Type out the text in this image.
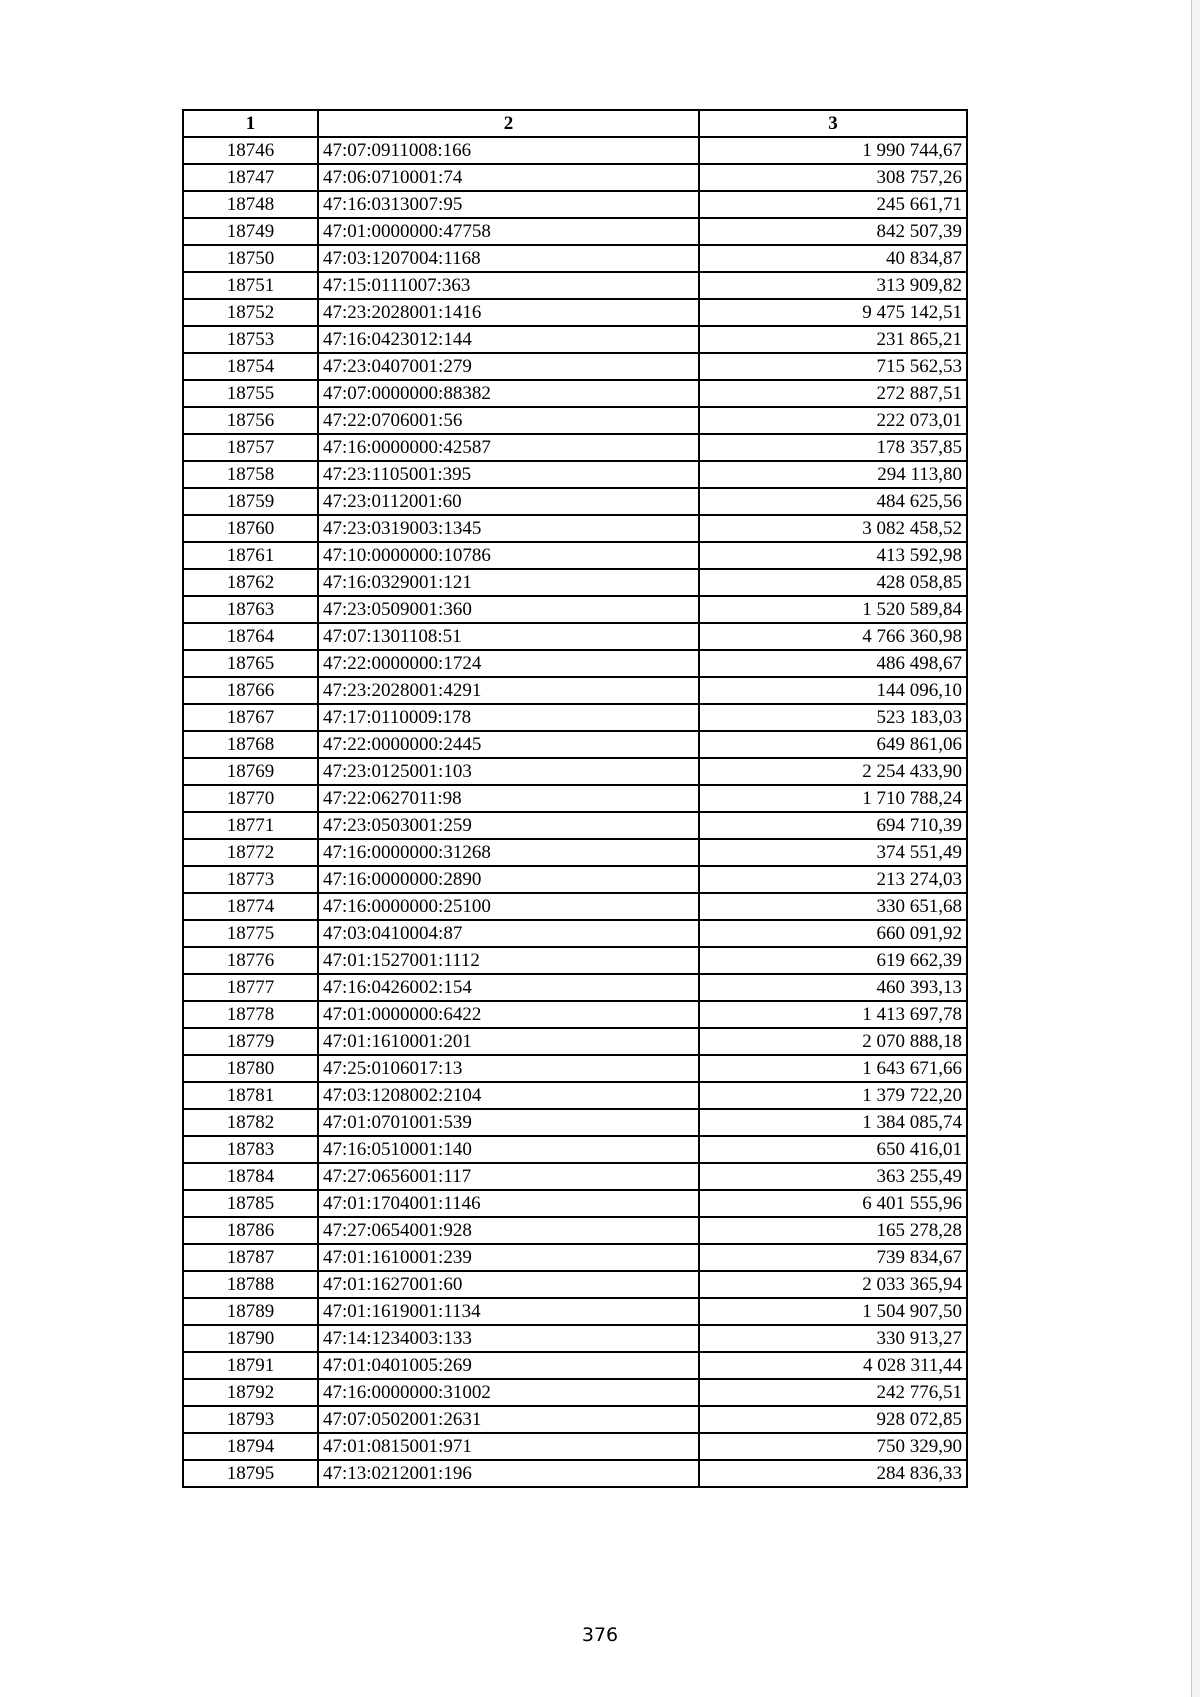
1	2	3
18746	47:07:0911008:166	1 990 744,67
18747	47:06:0710001:74	308 757,26
18748	47:16:0313007:95	245 661,71
18749	47:01:0000000:47758	842 507,39
18750	47:03:1207004:1168	40 834,87
18751	47:15:0111007:363	313 909,82
18752	47:23:2028001:1416	9 475 142,51
18753	47:16:0423012:144	231 865,21
18754	47:23:0407001:279	715 562,53
18755	47:07:0000000:88382	272 887,51
18756	47:22:0706001:56	222 073,01
18757	47:16:0000000:42587	178 357,85
18758	47:23:1105001:395	294 113,80
18759	47:23:0112001:60	484 625,56
18760	47:23:0319003:1345	3 082 458,52
18761	47:10:0000000:10786	413 592,98
18762	47:16:0329001:121	428 058,85
18763	47:23:0509001:360	1 520 589,84
18764	47:07:1301108:51	4 766 360,98
18765	47:22:0000000:1724	486 498,67
18766	47:23:2028001:4291	144 096,10
18767	47:17:0110009:178	523 183,03
18768	47:22:0000000:2445	649 861,06
18769	47:23:0125001:103	2 254 433,90
18770	47:22:0627011:98	1 710 788,24
18771	47:23:0503001:259	694 710,39
18772	47:16:0000000:31268	374 551,49
18773	47:16:0000000:2890	213 274,03
18774	47:16:0000000:25100	330 651,68
18775	47:03:0410004:87	660 091,92
18776	47:01:1527001:1112	619 662,39
18777	47:16:0426002:154	460 393,13
18778	47:01:0000000:6422	1 413 697,78
18779	47:01:1610001:201	2 070 888,18
18780	47:25:0106017:13	1 643 671,66
18781	47:03:1208002:2104	1 379 722,20
18782	47:01:0701001:539	1 384 085,74
18783	47:16:0510001:140	650 416,01
18784	47:27:0656001:117	363 255,49
18785	47:01:1704001:1146	6 401 555,96
18786	47:27:0654001:928	165 278,28
18787	47:01:1610001:239	739 834,67
18788	47:01:1627001:60	2 033 365,94
18789	47:01:1619001:1134	1 504 907,50
18790	47:14:1234003:133	330 913,27
18791	47:01:0401005:269	4 028 311,44
18792	47:16:0000000:31002	242 776,51
18793	47:07:0502001:2631	928 072,85
18794	47:01:0815001:971	750 329,90
18795	47:13:0212001:196	284 836,33
376
